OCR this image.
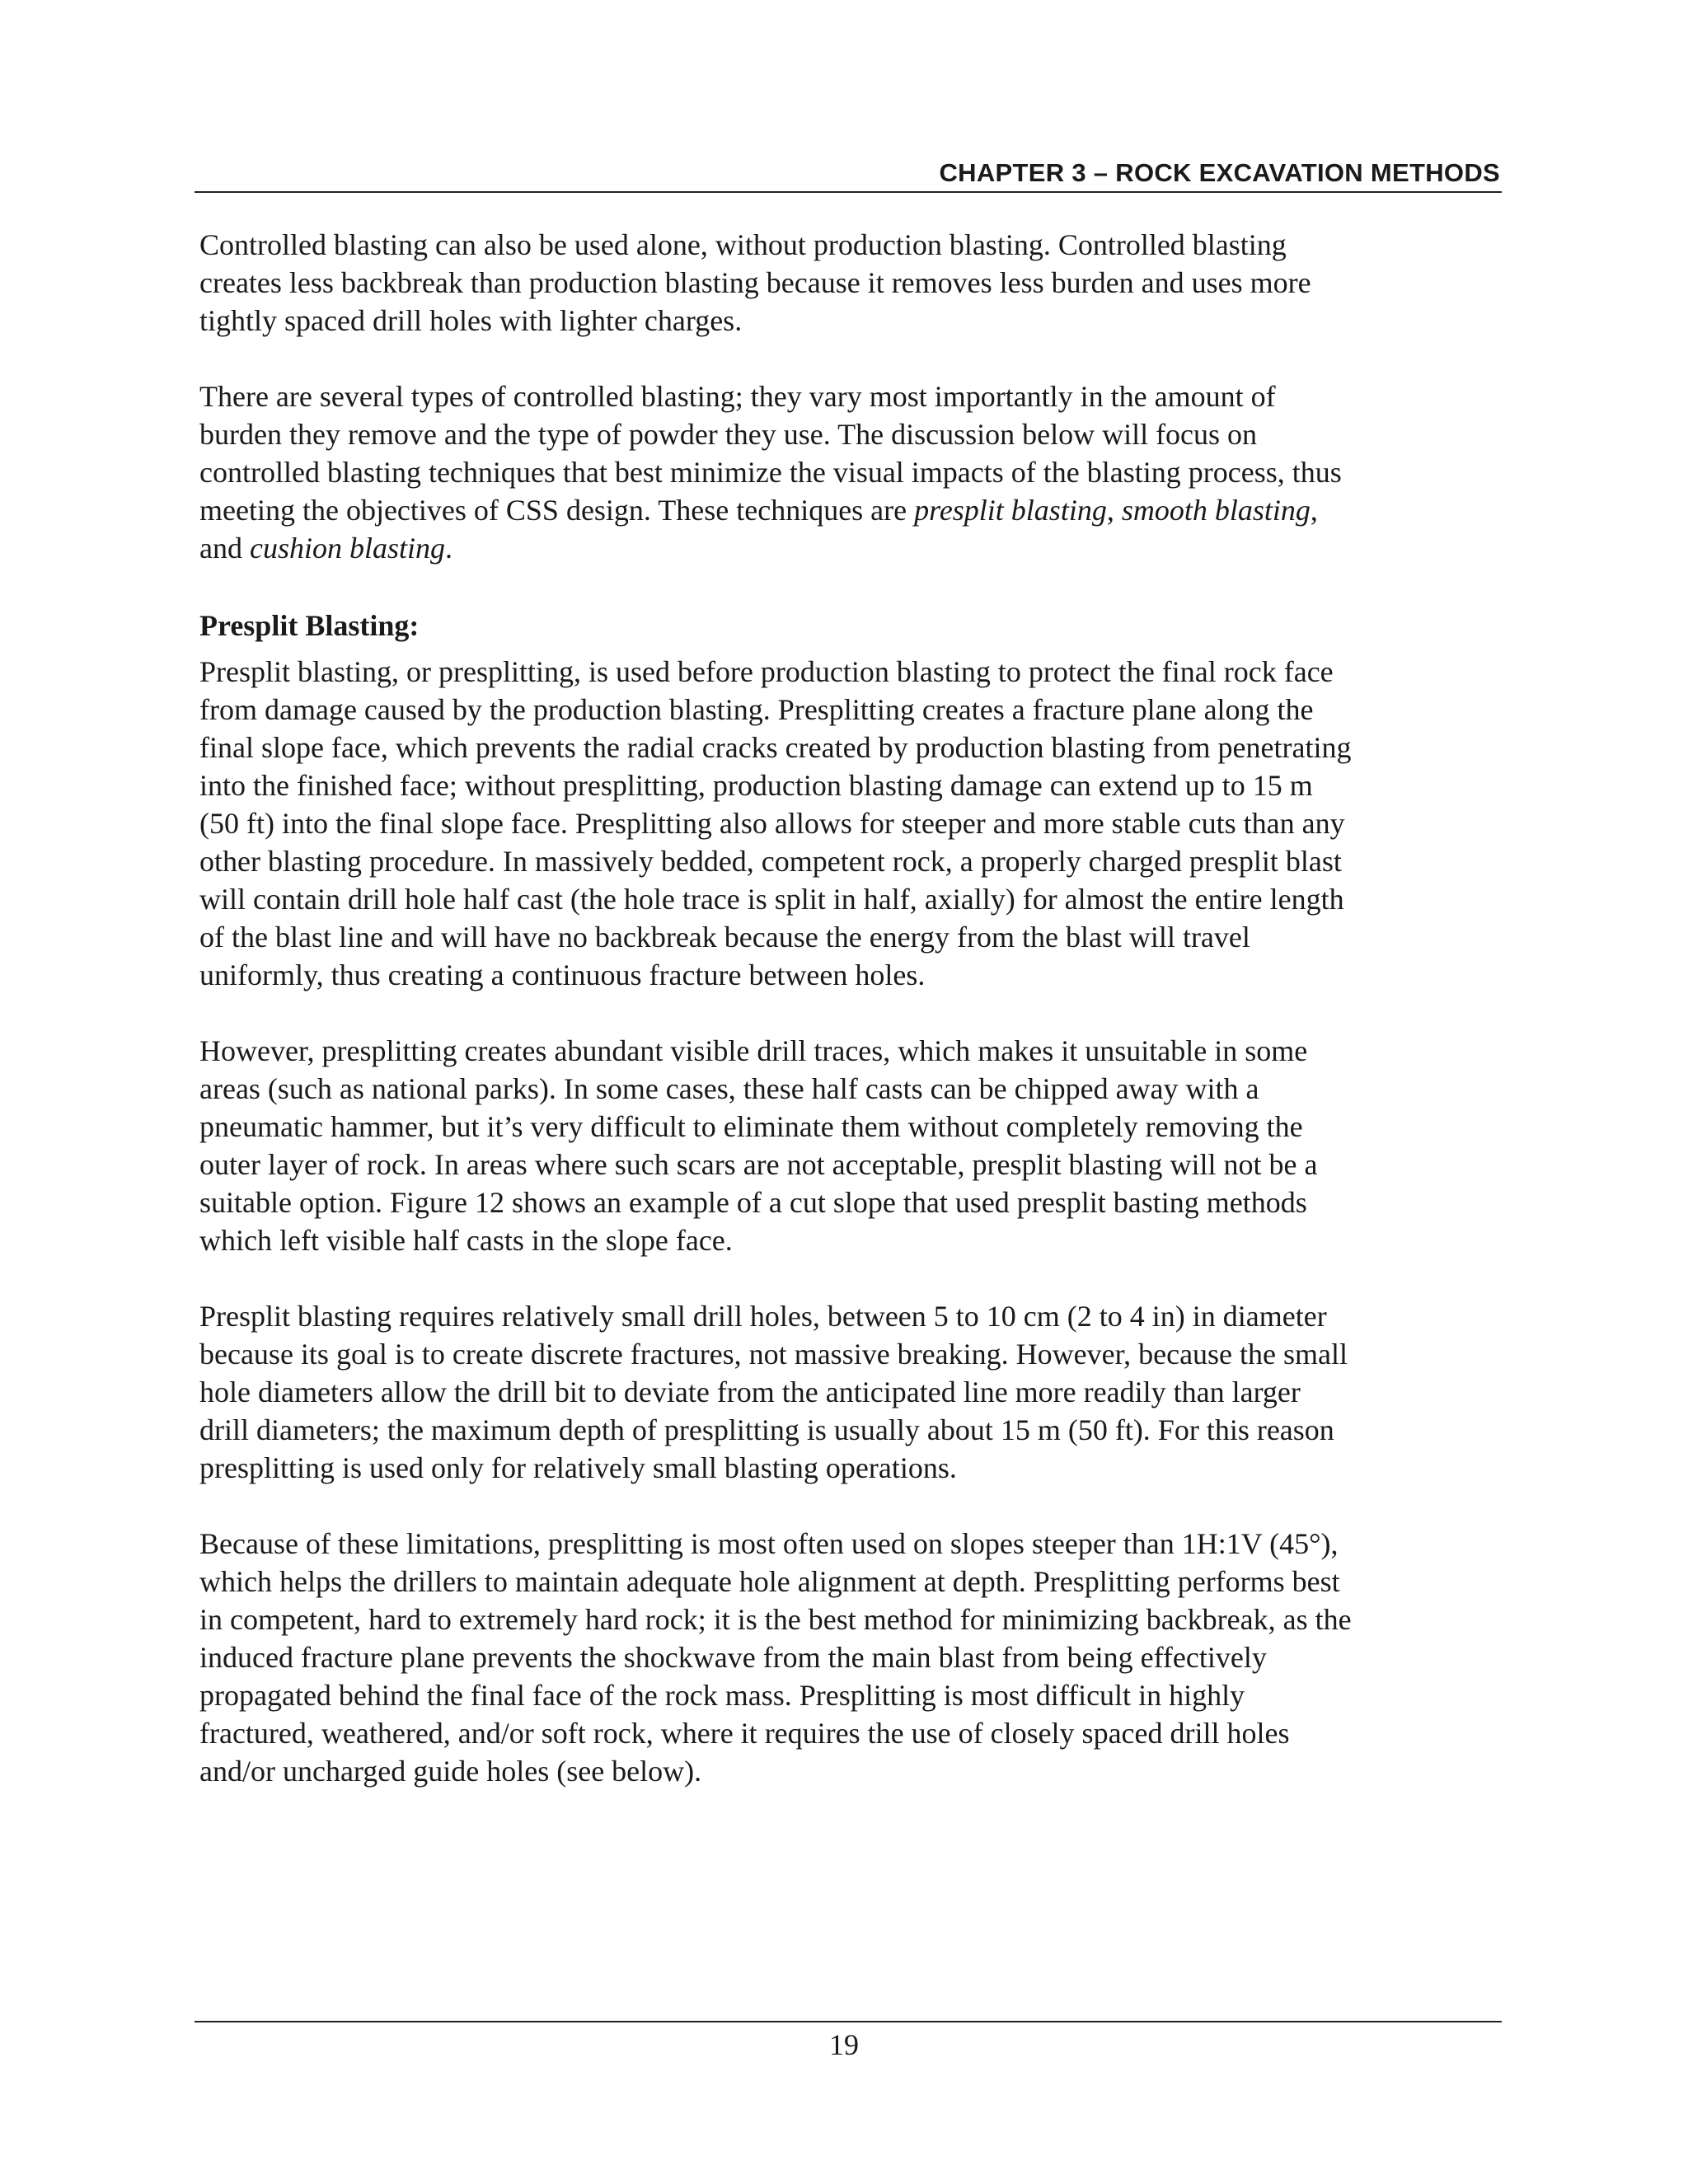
CHAPTER 3 – ROCK EXCAVATION METHODS

Controlled blasting can also be used alone, without production blasting. Controlled blasting
creates less backbreak than production blasting because it removes less burden and uses more
tightly spaced drill holes with lighter charges.

There are several types of controlled blasting; they vary most importantly in the amount of
burden they remove and the type of powder they use. The discussion below will focus on
controlled blasting techniques that best minimize the visual impacts of the blasting process, thus
meeting the objectives of CSS design. These techniques are presplit blasting, smooth blasting,
and cushion blasting.

Presplit Blasting:

Presplit blasting, or presplitting, is used before production blasting to protect the final rock face
from damage caused by the production blasting. Presplitting creates a fracture plane along the
final slope face, which prevents the radial cracks created by production blasting from penetrating
into the finished face; without presplitting, production blasting damage can extend up to 15 m
(50 ft) into the final slope face. Presplitting also allows for steeper and more stable cuts than any
other blasting procedure. In massively bedded, competent rock, a properly charged presplit blast
will contain drill hole half cast (the hole trace is split in half, axially) for almost the entire length
of the blast line and will have no backbreak because the energy from the blast will travel
uniformly, thus creating a continuous fracture between holes.

However, presplitting creates abundant visible drill traces, which makes it unsuitable in some
areas (such as national parks). In some cases, these half casts can be chipped away with a
pneumatic hammer, but it’s very difficult to eliminate them without completely removing the
outer layer of rock. In areas where such scars are not acceptable, presplit blasting will not be a
suitable option. Figure 12 shows an example of a cut slope that used presplit basting methods
which left visible half casts in the slope face.

Presplit blasting requires relatively small drill holes, between 5 to 10 cm (2 to 4 in) in diameter
because its goal is to create discrete fractures, not massive breaking. However, because the small
hole diameters allow the drill bit to deviate from the anticipated line more readily than larger
drill diameters; the maximum depth of presplitting is usually about 15 m (50 ft). For this reason
presplitting is used only for relatively small blasting operations.

Because of these limitations, presplitting is most often used on slopes steeper than 1H:1V (45°),
which helps the drillers to maintain adequate hole alignment at depth. Presplitting performs best
in competent, hard to extremely hard rock; it is the best method for minimizing backbreak, as the
induced fracture plane prevents the shockwave from the main blast from being effectively
propagated behind the final face of the rock mass. Presplitting is most difficult in highly
fractured, weathered, and/or soft rock, where it requires the use of closely spaced drill holes
and/or uncharged guide holes (see below).

19
